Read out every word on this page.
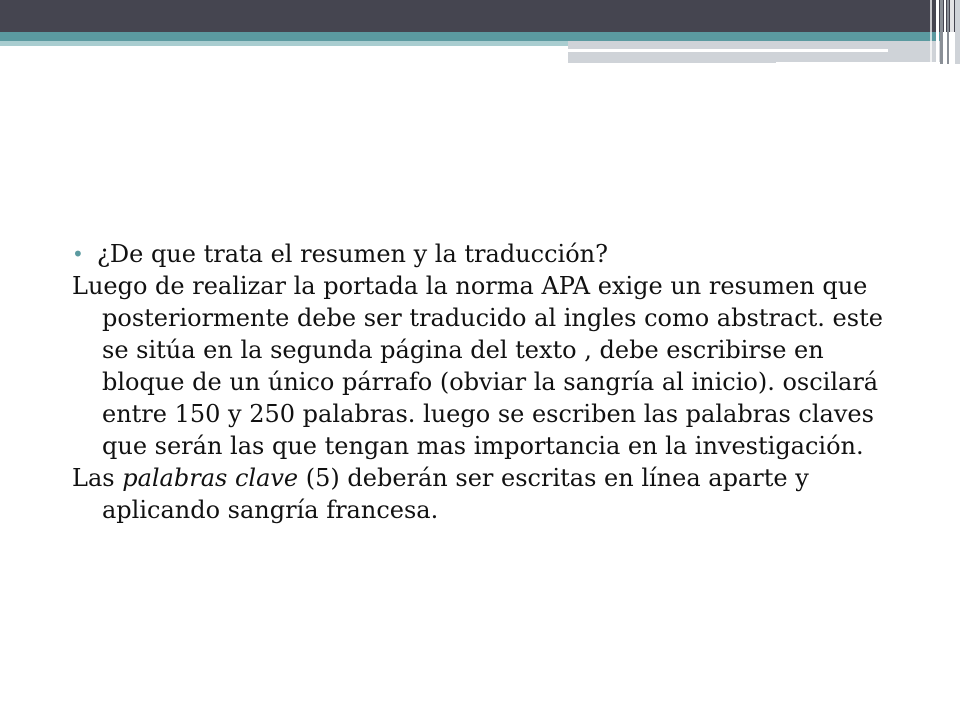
• ¿De que trata el resumen y la traducción?

Luego de realizar la portada la norma APA exige un resumen que posteriormente debe ser traducido al ingles como abstract. este se sitúa en la segunda página del texto , debe escribirse en bloque de un único párrafo (obviar la sangría al inicio). oscilará entre 150 y 250 palabras. luego se escriben las palabras claves que serán las que tengan mas importancia en la investigación.

Las palabras clave (5) deberán ser escritas en línea aparte y aplicando sangría francesa.
